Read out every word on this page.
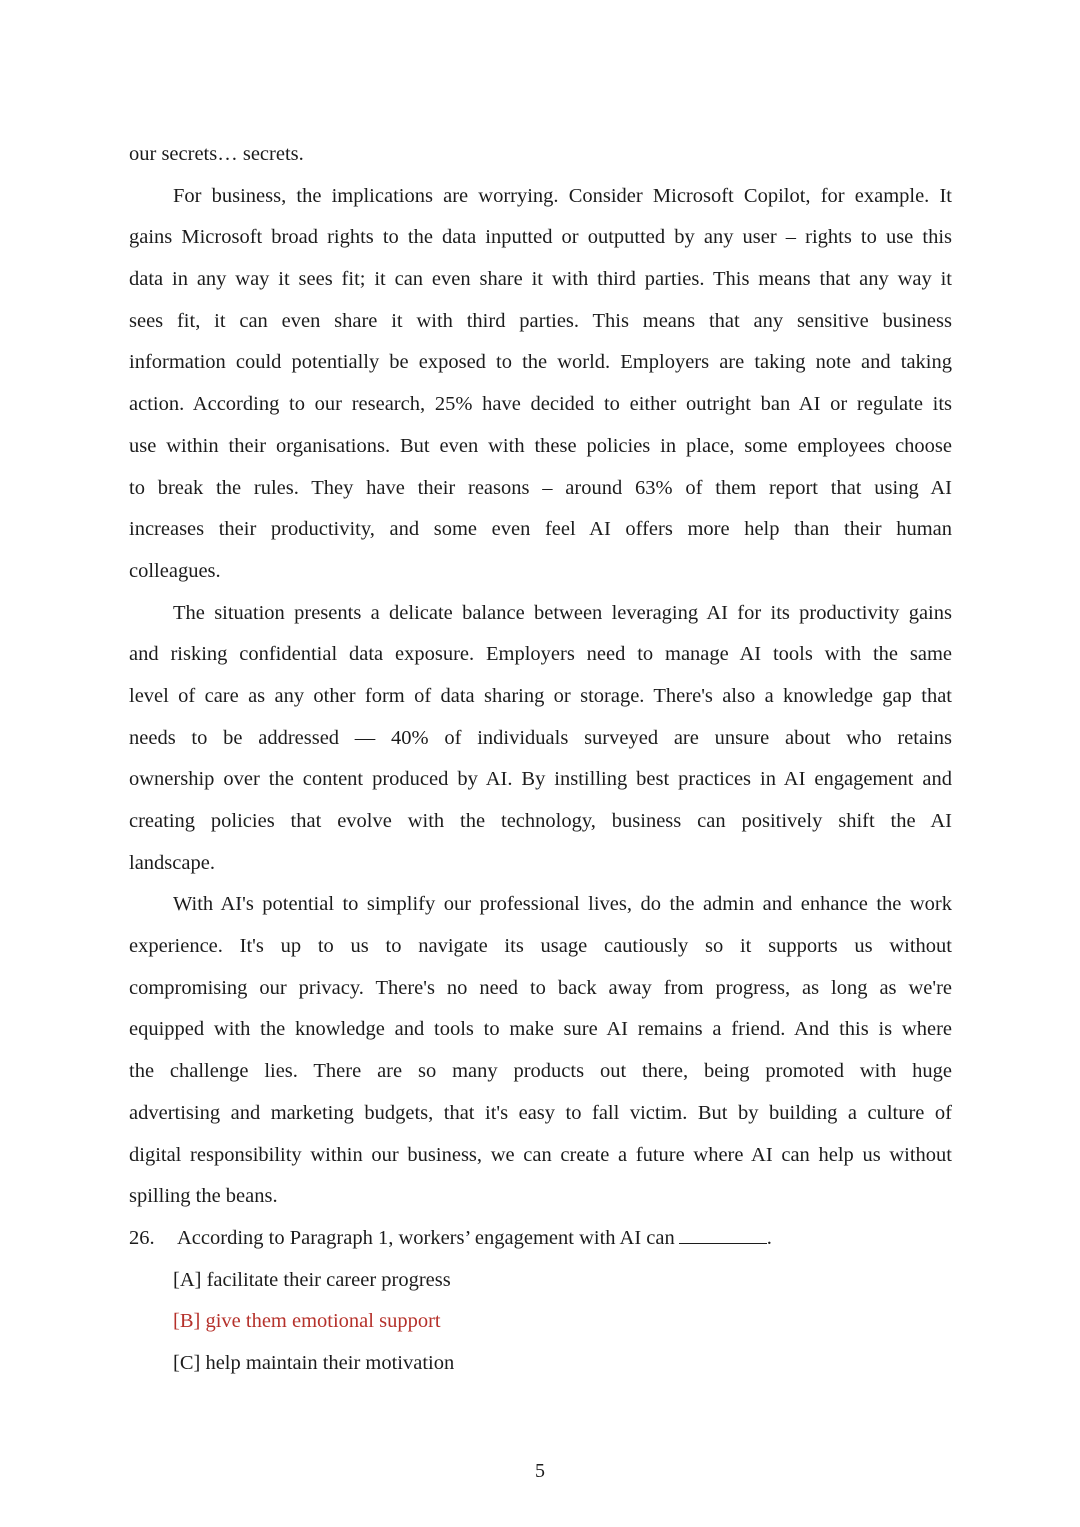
our secrets… secrets.
For business, the implications are worrying. Consider Microsoft Copilot, for example. It
gains Microsoft broad rights to the data inputted or outputted by any user – rights to use this
data in any way it sees fit; it can even share it with third parties. This means that any way it
sees fit, it can even share it with third parties. This means that any sensitive business
information could potentially be exposed to the world. Employers are taking note and taking
action. According to our research, 25% have decided to either outright ban AI or regulate its
use within their organisations. But even with these policies in place, some employees choose
to break the rules. They have their reasons – around 63% of them report that using AI
increases their productivity, and some even feel AI offers more help than their human
colleagues.
The situation presents a delicate balance between leveraging AI for its productivity gains
and risking confidential data exposure. Employers need to manage AI tools with the same
level of care as any other form of data sharing or storage. There's also a knowledge gap that
needs to be addressed — 40% of individuals surveyed are unsure about who retains
ownership over the content produced by AI. By instilling best practices in AI engagement and
creating policies that evolve with the technology, business can positively shift the AI
landscape.
With AI's potential to simplify our professional lives, do the admin and enhance the work
experience. It's up to us to navigate its usage cautiously so it supports us without
compromising our privacy. There's no need to back away from progress, as long as we're
equipped with the knowledge and tools to make sure AI remains a friend. And this is where
the challenge lies. There are so many products out there, being promoted with huge
advertising and marketing budgets, that it's easy to fall victim. But by building a culture of
digital responsibility within our business, we can create a future where AI can help us without
spilling the beans.
26. According to Paragraph 1, workers’ engagement with AI can	.
[A] facilitate their career progress
[B] give them emotional support
[C] help maintain their motivation
5
